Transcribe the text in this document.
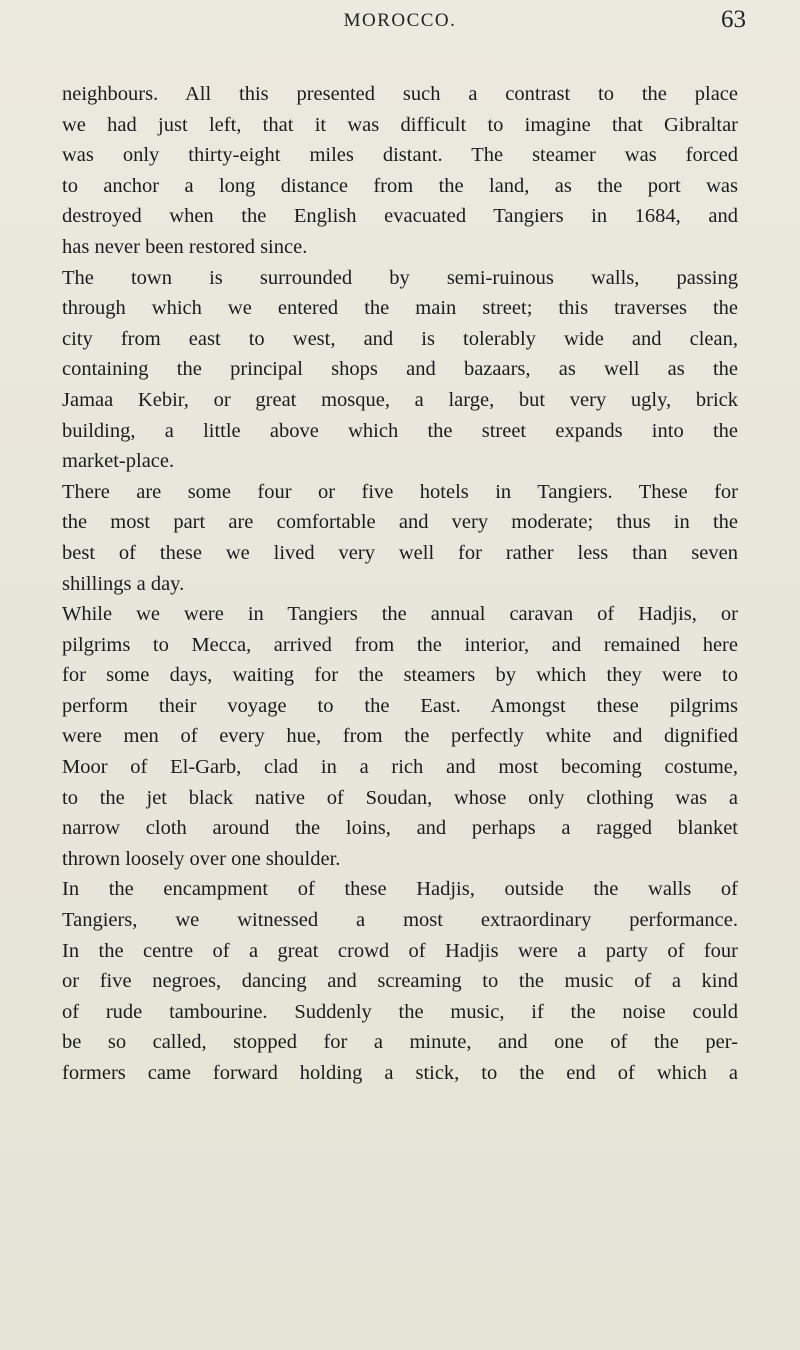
MOROCCO.	63
neighbours. All this presented such a contrast to the place
we had just left, that it was difficult to imagine that Gibraltar
was only thirty-eight miles distant. The steamer was forced
to anchor a long distance from the land, as the port was
destroyed when the English evacuated Tangiers in 1684, and
has never been restored since.
The town is surrounded by semi-ruinous walls, passing
through which we entered the main street; this traverses the
city from east to west, and is tolerably wide and clean,
containing the principal shops and bazaars, as well as the
Jamaa Kebir, or great mosque, a large, but very ugly, brick
building, a little above which the street expands into the
market-place.
There are some four or five hotels in Tangiers. These for
the most part are comfortable and very moderate; thus in the
best of these we lived very well for rather less than seven
shillings a day.
While we were in Tangiers the annual caravan of Hadjis, or
pilgrims to Mecca, arrived from the interior, and remained here
for some days, waiting for the steamers by which they were to
perform their voyage to the East. Amongst these pilgrims
were men of every hue, from the perfectly white and dignified
Moor of El-Garb, clad in a rich and most becoming costume,
to the jet black native of Soudan, whose only clothing was a
narrow cloth around the loins, and perhaps a ragged blanket
thrown loosely over one shoulder.
In the encampment of these Hadjis, outside the walls of
Tangiers, we witnessed a most extraordinary performance.
In the centre of a great crowd of Hadjis were a party of four
or five negroes, dancing and screaming to the music of a kind
of rude tambourine. Suddenly the music, if the noise could
be so called, stopped for a minute, and one of the per-
formers came forward holding a stick, to the end of which a
